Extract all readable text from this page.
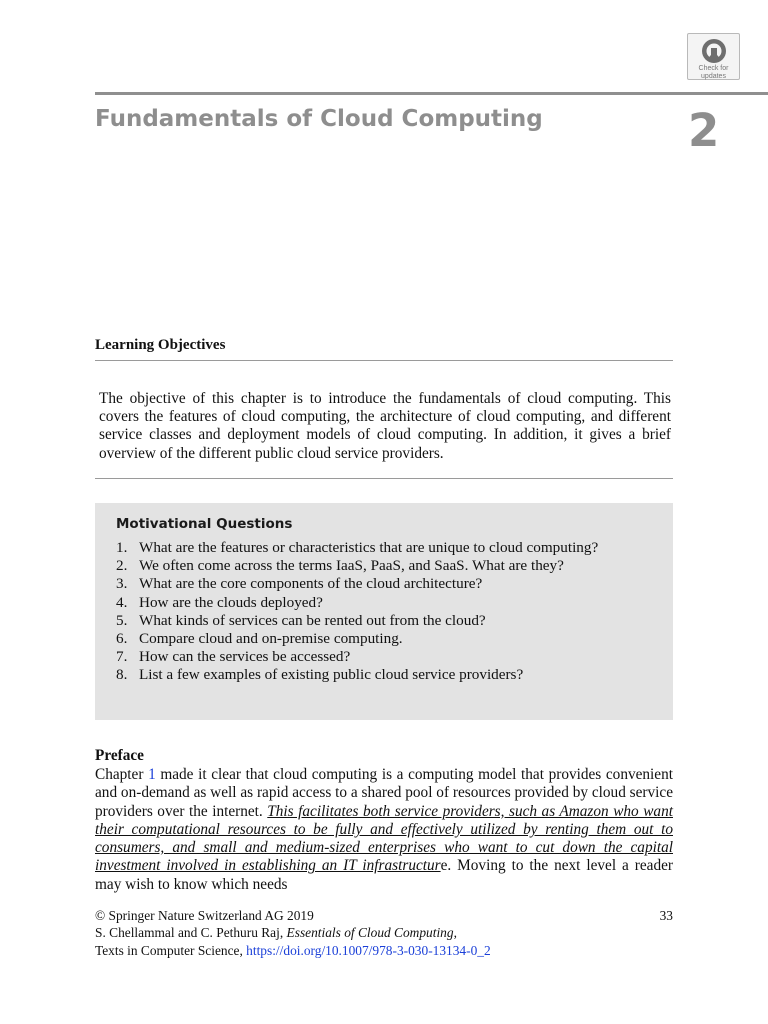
Check for
updates
Fundamentals of Cloud Computing	2
Learning Objectives
The objective of this chapter is to introduce the fundamentals of cloud computing. This covers the features of cloud computing, the architecture of cloud computing, and different service classes and deployment models of cloud computing. In addition, it gives a brief overview of the different public cloud service providers.
Motivational Questions
1. What are the features or characteristics that are unique to cloud computing?
2. We often come across the terms IaaS, PaaS, and SaaS. What are they?
3. What are the core components of the cloud architecture?
4. How are the clouds deployed?
5. What kinds of services can be rented out from the cloud?
6. Compare cloud and on-premise computing.
7. How can the services be accessed?
8. List a few examples of existing public cloud service providers?
Preface
Chapter 1 made it clear that cloud computing is a computing model that provides convenient and on-demand as well as rapid access to a shared pool of resources provided by cloud service providers over the internet. This facilitates both service providers, such as Amazon who want their computational resources to be fully and effectively utilized by renting them out to consumers, and small and medium-sized enterprises who want to cut down the capital investment involved in establishing an IT infrastructure. Moving to the next level a reader may wish to know which needs
© Springer Nature Switzerland AG 2019	33
S. Chellammal and C. Pethuru Raj, Essentials of Cloud Computing,
Texts in Computer Science, https://doi.org/10.1007/978-3-030-13134-0_2
